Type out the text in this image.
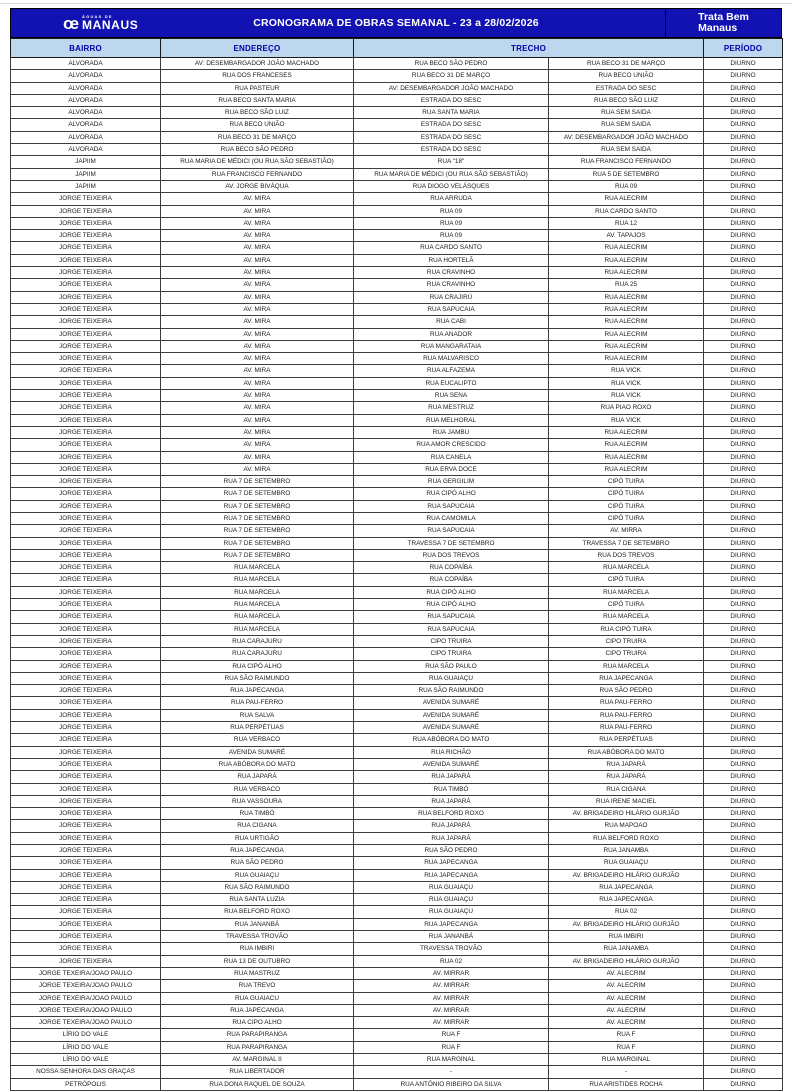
œ ÁGUAS DE
MANAUS	CRONOGRAMA DE OBRAS SEMANAL - 23 a 28/02/2026	Trata Bem
Manaus
BAIRRO	ENDEREÇO	TRECHO		PERÍODO
ALVORADA	AV: DESEMBARGADOR JOÃO MACHADO	RUA BECO SÃO PEDRO	RUA BECO 31 DE MARÇO	DIURNO
ALVORADA	RUA DOS FRANCESES	RUA BECO 31 DE MARÇO	RUA BECO UNIÃO	DIURNO
ALVORADA	RUA PASTEUR	AV: DESEMBARGADOR JOÃO MACHADO	ESTRADA DO SESC	DIURNO
ALVORADA	RUA BECO SANTA MARIA	ESTRADA DO SESC	RUA BECO SÃO LUIZ	DIURNO
ALVORADA	RUA BECO SÃO LUIZ	RUA SANTA MARIA	RUA SEM SAIDA	DIURNO
ALVORADA	RUA BECO UNIÃO	ESTRADA DO SESC	RUA SEM SAIDA	DIURNO
ALVORADA	RUA BECO 31 DE MARÇO	ESTRADA DO SESC	AV: DESEMBARGADOR JOÃO MACHADO	DIURNO
ALVORADA	RUA BECO SÃO PEDRO	ESTRADA DO SESC	RUA SEM SAIDA	DIURNO
JAPIIM	RUA MARIA DE MÉDICI (OU RUA SÃO SEBASTIÃO)	RUA "18"	RUA FRANCISCO FERNANDO	DIURNO
JAPIIM	RUA FRANCISCO FERNANDO	RUA MARIA DE MÉDICI (OU RUA SÃO SEBASTIÃO)	RUA 5 DE SETEMBRO	DIURNO
JAPIIM	AV. JORGE BIVÁQUA	RUA DIOGO VELÁSQUES	RUA 09	DIURNO
JORGE TEIXEIRA	AV. MIRA	RUA ARRUDA	RUA ALECRIM	DIURNO
JORGE TEIXEIRA	AV. MIRA	RUA 09	RUA CARDO SANTO	DIURNO
JORGE TEIXEIRA	AV. MIRA	RUA 09	RUA 12	DIURNO
JORGE TEIXEIRA	AV. MIRA	RUA 09	AV. TAPAJOS	DIURNO
JORGE TEIXEIRA	AV. MIRA	RUA CARDO SANTO	RUA ALECRIM	DIURNO
JORGE TEIXEIRA	AV. MIRA	RUA HORTELÃ	RUA ALECRIM	DIURNO
JORGE TEIXEIRA	AV. MIRA	RUA CRAVINHO	RUA ALECRIM	DIURNO
JORGE TEIXEIRA	AV. MIRA	RUA CRAVINHO	RUA 25	DIURNO
JORGE TEIXEIRA	AV. MIRA	RUA CRAJIRÚ	RUA ALECRIM	DIURNO
JORGE TEIXEIRA	AV. MIRA	RUA SAPUCAIA	RUA ALECRIM	DIURNO
JORGE TEIXEIRA	AV. MIRA	RUA CABI	RUA ALECRIM	DIURNO
JORGE TEIXEIRA	AV. MIRA	RUA ANADOR	RUA ALECRIM	DIURNO
JORGE TEIXEIRA	AV. MIRA	RUA MANGARATAIA	RUA ALECRIM	DIURNO
JORGE TEIXEIRA	AV. MIRA	RUA MALVARISCO	RUA ALECRIM	DIURNO
JORGE TEIXEIRA	AV. MIRA	RUA ALFAZEMA	RUA VICK	DIURNO
JORGE TEIXEIRA	AV. MIRA	RUA EUCALIPTO	RUA VICK	DIURNO
JORGE TEIXEIRA	AV. MIRA	RUA SENA	RUA VICK	DIURNO
JORGE TEIXEIRA	AV. MIRA	RUA MESTRUZ	RUA PIAO ROXO	DIURNO
JORGE TEIXEIRA	AV. MIRA	RUA MELHORAL	RUA VICK	DIURNO
JORGE TEIXEIRA	AV. MIRA	RUA JAMBU	RUA ALECRIM	DIURNO
JORGE TEIXEIRA	AV. MIRA	RUA AMOR CRESCIDO	RUA ALECRIM	DIURNO
JORGE TEIXEIRA	AV. MIRA	RUA CANELA	RUA ALECRIM	DIURNO
JORGE TEIXEIRA	AV. MIRA	RUA ERVA DOCE	RUA ALECRIM	DIURNO
JORGE TEIXEIRA	RUA 7 DE SETEMBRO	RUA GERGILIM	CIPÓ TUIRA	DIURNO
JORGE TEIXEIRA	RUA 7 DE SETEMBRO	RUA CIPÓ ALHO	CIPÓ TUIRA	DIURNO
JORGE TEIXEIRA	RUA 7 DE SETEMBRO	RUA SAPUCAIA	CIPÓ TUIRA	DIURNO
JORGE TEIXEIRA	RUA 7 DE SETEMBRO	RUA CAMOMILA	CIPÓ TUIRA	DIURNO
JORGE TEIXEIRA	RUA 7 DE SETEMBRO	RUA SAPUCAIA	AV. MIRRA	DIURNO
JORGE TEIXEIRA	RUA 7 DE SETEMBRO	TRAVESSA 7 DE SETEMBRO	TRAVESSA 7 DE SETEMBRO	DIURNO
JORGE TEIXEIRA	RUA 7 DE SETEMBRO	RUA DOS TREVOS	RUA DOS TREVOS	DIURNO
JORGE TEIXEIRA	RUA MARCELA	RUA COPAÍBA	RUA MARCELA	DIURNO
JORGE TEIXEIRA	RUA MARCELA	RUA COPAÍBA	CIPÓ TUIRA	DIURNO
JORGE TEIXEIRA	RUA MARCELA	RUA CIPÓ ALHO	RUA MARCELA	DIURNO
JORGE TEIXEIRA	RUA MARCELA	RUA CIPÓ ALHO	CIPÓ TUIRA	DIURNO
JORGE TEIXEIRA	RUA MARCELA	RUA SAPUCAIA	RUA MARCELA	DIURNO
JORGE TEIXEIRA	RUA MARCELA	RUA SAPUCAIA	RUA CIPÓ TUIRA	DIURNO
JORGE TEIXEIRA	RUA CARAJURU	CIPO TRUIRA	CIPO TRUIRA	DIURNO
JORGE TEIXEIRA	RUA CARAJURU	CIPO TRUIRA	CIPO TRUIRA	DIURNO
JORGE TEIXEIRA	RUA CIPÓ ALHO	RUA SÃO PAULO	RUA MARCELA	DIURNO
JORGE TEIXEIRA	RUA SÃO RAIMUNDO	RUA GUAIAÇU	RUA JAPECANGA	DIURNO
JORGE TEIXEIRA	RUA JAPECANGA	RUA SÃO RAIMUNDO	RUA SÃO PEDRO	DIURNO
JORGE TEIXEIRA	RUA PAU-FERRO	AVENIDA SUMARÉ	RUA PAU-FERRO	DIURNO
JORGE TEIXEIRA	RUA SALVA	AVENIDA SUMARÉ	RUA PAU-FERRO	DIURNO
JORGE TEIXEIRA	RUA PERPÉTUAS	AVENIDA SUMARÉ	RUA PAU-FERRO	DIURNO
JORGE TEIXEIRA	RUA VERBACO	RUA ABÓBORA DO MATO	RUA PERPÉTUAS	DIURNO
JORGE TEIXEIRA	AVENIDA SUMARÉ	RUA RICHÃO	RUA ABÓBORA DO MATO	DIURNO
JORGE TEIXEIRA	RUA ABÓBORA DO MATO	AVENIDA SUMARÉ	RUA JAPARÁ	DIURNO
JORGE TEIXEIRA	RUA JAPARÁ	RUA JAPARÁ	RUA JAPARÁ	DIURNO
JORGE TEIXEIRA	RUA VERBACO	RUA TIMBÓ	RUA CIGANA	DIURNO
JORGE TEIXEIRA	RUA VASSOURA	RUA JAPARÁ	RUA IRENE MACIEL	DIURNO
JORGE TEIXEIRA	RUA TIMBÓ	RUA BELFORD ROXO	AV. BRIGADEIRO HILÁRIO GURJÃO	DIURNO
JORGE TEIXEIRA	RUA CIGANA	RUA JAPARÁ	RUA MAPOAO	DIURNO
JORGE TEIXEIRA	RUA URTIGÃO	RUA JAPARÁ	RUA BELFORD ROXO	DIURNO
JORGE TEIXEIRA	RUA JAPECANGA	RUA SÃO PEDRO	RUA JANAMBA	DIURNO
JORGE TEIXEIRA	RUA SÃO PEDRO	RUA JAPECANGA	RUA GUAIAÇU	DIURNO
JORGE TEIXEIRA	RUA GUAIAÇU	RUA JAPECANGA	AV. BRIGADEIRO HILÁRIO GURJÃO	DIURNO
JORGE TEIXEIRA	RUA SÃO RAIMUNDO	RUA GUAIAÇU	RUA JAPECANGA	DIURNO
JORGE TEIXEIRA	RUA SANTA LUZIA	RUA GUAIAÇU	RUA JAPECANGA	DIURNO
JORGE TEIXEIRA	RUA BELFORD ROXO	RUA GUAIAÇU	RUA 02	DIURNO
JORGE TEIXEIRA	RUA JANANBÁ	RUA JAPECANGA	AV. BRIGADEIRO HILÁRIO GURJÃO	DIURNO
JORGE TEIXEIRA	TRAVESSA TROVÃO	RUA JANANBÁ	RUA IMBIRI	DIURNO
JORGE TEIXEIRA	RUA IMBIRI	TRAVESSA TROVÃO	RUA JANAMBA	DIURNO
JORGE TEIXEIRA	RUA 13 DE OUTUBRO	RUA 02	AV. BRIGADEIRO HILÁRIO GURJÃO	DIURNO
JORGE TEXEIRA/JOAO PAULO	RUA MASTRUZ	AV. MIRRAR	AV. ALECRIM	DIURNO
JORGE TEXEIRA/JOAO PAULO	RUA TREVO	AV. MIRRAR	AV. ALECRIM	DIURNO
JORGE TEXEIRA/JOAO PAULO	RUA GUAIACU	AV. MIRRAR	AV. ALECRIM	DIURNO
JORGE TEXEIRA/JOAO PAULO	RUA JAPECANGA	AV. MIRRAR	AV. ALECRIM	DIURNO
JORGE TEXEIRA/JOAO PAULO	RUA CIPO ALHO	AV. MIRRAR	AV. ALECRIM	DIURNO
LÍRIO DO VALE	RUA PARAPIRANGA	RUA F	RUA F	DIURNO
LÍRIO DO VALE	RUA PARAPIRANGA	RUA F	RUA F	DIURNO
LÍRIO DO VALE	AV. MARGINAL II	RUA MARGINAL	RUA MARGINAL	DIURNO
NOSSA SENHORA DAS GRAÇAS	RUA LIBERTADOR	-	-	DIURNO
PETRÓPOLIS	RUA DONA RAQUEL DE SOUZA	RUA ANTÔNIO RIBEIRO DA SILVA	RUA ARISTIDES ROCHA	DIURNO
